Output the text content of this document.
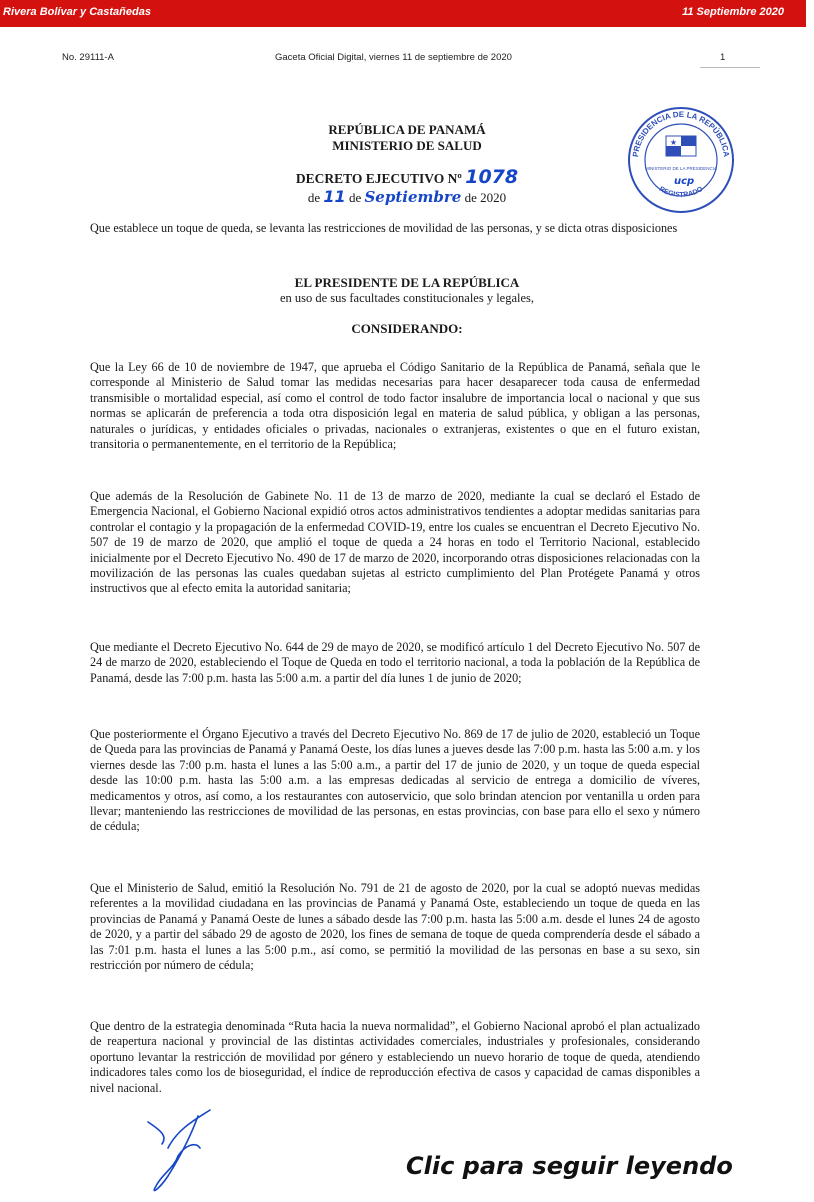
Rivera Bolívar y Castañedas	11 Septiembre 2020
No. 29111-A	Gaceta Oficial Digital, viernes 11 de septiembre de 2020	1
REPÚBLICA DE PANAMÁ
MINISTERIO DE SALUD
DECRETO EJECUTIVO Nº 1078
de 11 de Septiembre de 2020
PRESIDENCIA DE LA REPÚBLICA
REGISTRADO
★
★
MINISTERIO DE LA PRESIDENCIA
ucp

Que establece un toque de queda, se levanta las restricciones de movilidad de las personas, y se dicta otras disposiciones

EL PRESIDENTE DE LA REPÚBLICA
en uso de sus facultades constitucionales y legales,
CONSIDERANDO:

Que la Ley 66 de 10 de noviembre de 1947, que aprueba el Código Sanitario de la República de Panamá, señala que le corresponde al Ministerio de Salud tomar las medidas necesarias para hacer desaparecer toda causa de enfermedad transmisible o mortalidad especial, así como el control de todo factor insalubre de importancia local o nacional y que sus normas se aplicarán de preferencia a toda otra disposición legal en materia de salud pública, y obligan a las personas, naturales o jurídicas, y entidades oficiales o privadas, nacionales o extranjeras, existentes o que en el futuro existan, transitoria o permanentemente, en el territorio de la República;

Que además de la Resolución de Gabinete No. 11 de 13 de marzo de 2020, mediante la cual se declaró el Estado de Emergencia Nacional, el Gobierno Nacional expidió otros actos administrativos tendientes a adoptar medidas sanitarias para controlar el contagio y la propagación de la enfermedad COVID-19, entre los cuales se encuentran el Decreto Ejecutivo No. 507 de 19 de marzo de 2020, que amplió el toque de queda a 24 horas en todo el Territorio Nacional, establecido inicialmente por el Decreto Ejecutivo No. 490 de 17 de marzo de 2020, incorporando otras disposiciones relacionadas con la movilización de las personas las cuales quedaban sujetas al estricto cumplimiento del Plan Protégete Panamá y otros instructivos que al efecto emita la autoridad sanitaria;

Que mediante el Decreto Ejecutivo No. 644 de 29 de mayo de 2020, se modificó artículo 1 del Decreto Ejecutivo No. 507 de 24 de marzo de 2020, estableciendo el Toque de Queda en todo el territorio nacional, a toda la población de la República de Panamá, desde las 7:00 p.m. hasta las 5:00 a.m. a partir del día lunes 1 de junio de 2020;

Que posteriormente el Órgano Ejecutivo a través del Decreto Ejecutivo No. 869 de 17 de julio de 2020, estableció un Toque de Queda para las provincias de Panamá y Panamá Oeste, los días lunes a jueves desde las 7:00 p.m. hasta las 5:00 a.m. y los viernes desde las 7:00 p.m. hasta el lunes a las 5:00 a.m., a partir del 17 de junio de 2020, y un toque de queda especial desde las 10:00 p.m. hasta las 5:00 a.m. a las empresas dedicadas al servicio de entrega a domicilio de víveres, medicamentos y otros, así como, a los restaurantes con autoservicio, que solo brindan atencion por ventanilla u orden para llevar; manteniendo las restricciones de movilidad de las personas, en estas provincias, con base para ello el sexo y número de cédula;

Que el Ministerio de Salud, emitió la Resolución No. 791 de 21 de agosto de 2020, por la cual se adoptó nuevas medidas referentes a la movilidad ciudadana en las provincias de Panamá y Panamá Oste, estableciendo un toque de queda en las provincias de Panamá y Panamá Oeste de lunes a sábado desde las 7:00 p.m. hasta las 5:00 a.m. desde el lunes 24 de agosto de 2020, y a partir del sábado 29 de agosto de 2020, los fines de semana de toque de queda comprendería desde el sábado a las 7:01 p.m. hasta el lunes a las 5:00 p.m., así como, se permitió la movilidad de las personas en base a su sexo, sin restricción por número de cédula;

Que dentro de la estrategia denominada “Ruta hacia la nueva normalidad”, el Gobierno Nacional aprobó el plan actualizado de reapertura nacional y provincial de las distintas actividades comerciales, industriales y profesionales, considerando oportuno levantar la restricción de movilidad por género y estableciendo un nuevo horario de toque de queda, atendiendo indicadores tales como los de bioseguridad, el índice de reproducción efectiva de casos y capacidad de camas disponibles a nivel nacional.

Clic para seguir leyendo
